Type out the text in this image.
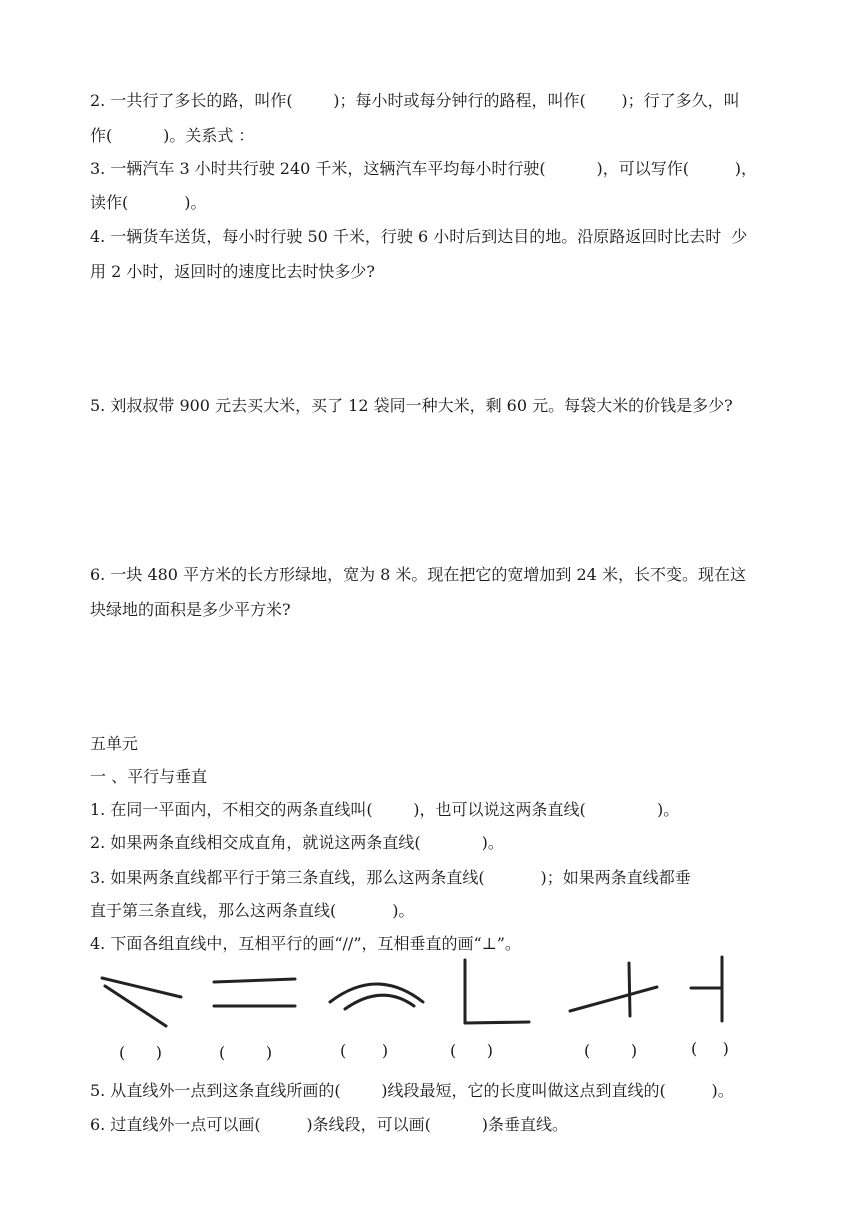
2. 一共行了多长的路，叫作(        )；每小时或每分钟行的路程，叫作(       )；行了多久，叫
作(          )。关系式 ：
3. 一辆汽车 3 小时共行驶 240 千米，这辆汽车平均每小时行驶(          )，可以写作(         )，
读作(           )。
4. 一辆货车送货，每小时行驶 50 千米，行驶 6 小时后到达目的地。沿原路返回时比去时  少
用 2 小时，返回时的速度比去时快多少?
5. 刘叔叔带 900 元去买大米，买了 12 袋同一种大米，剩 60 元。每袋大米的价钱是多少?
6. 一块 480 平方米的长方形绿地，宽为 8 米。现在把它的宽增加到 24 米，长不变。现在这
块绿地的面积是多少平方米?
五单元
一 、平行与垂直
1. 在同一平面内，不相交的两条直线叫(        )，也可以说这两条直线(              )。
2. 如果两条直线相交成直角，就说这两条直线(            )。
3. 如果两条直线都平行于第三条直线，那么这两条直线(           )；如果两条直线都垂
直于第三条直线，那么这两条直线(           )。
4. 下面各组直线中，互相平行的画“//”，互相垂直的画“⊥”。
(      )	(        )	(       )	(      )	(        )	(     )
5. 从直线外一点到这条直线所画的(        )线段最短，它的长度叫做这点到直线的(         )。
6. 过直线外一点可以画(         )条线段，可以画(          )条垂直线。
